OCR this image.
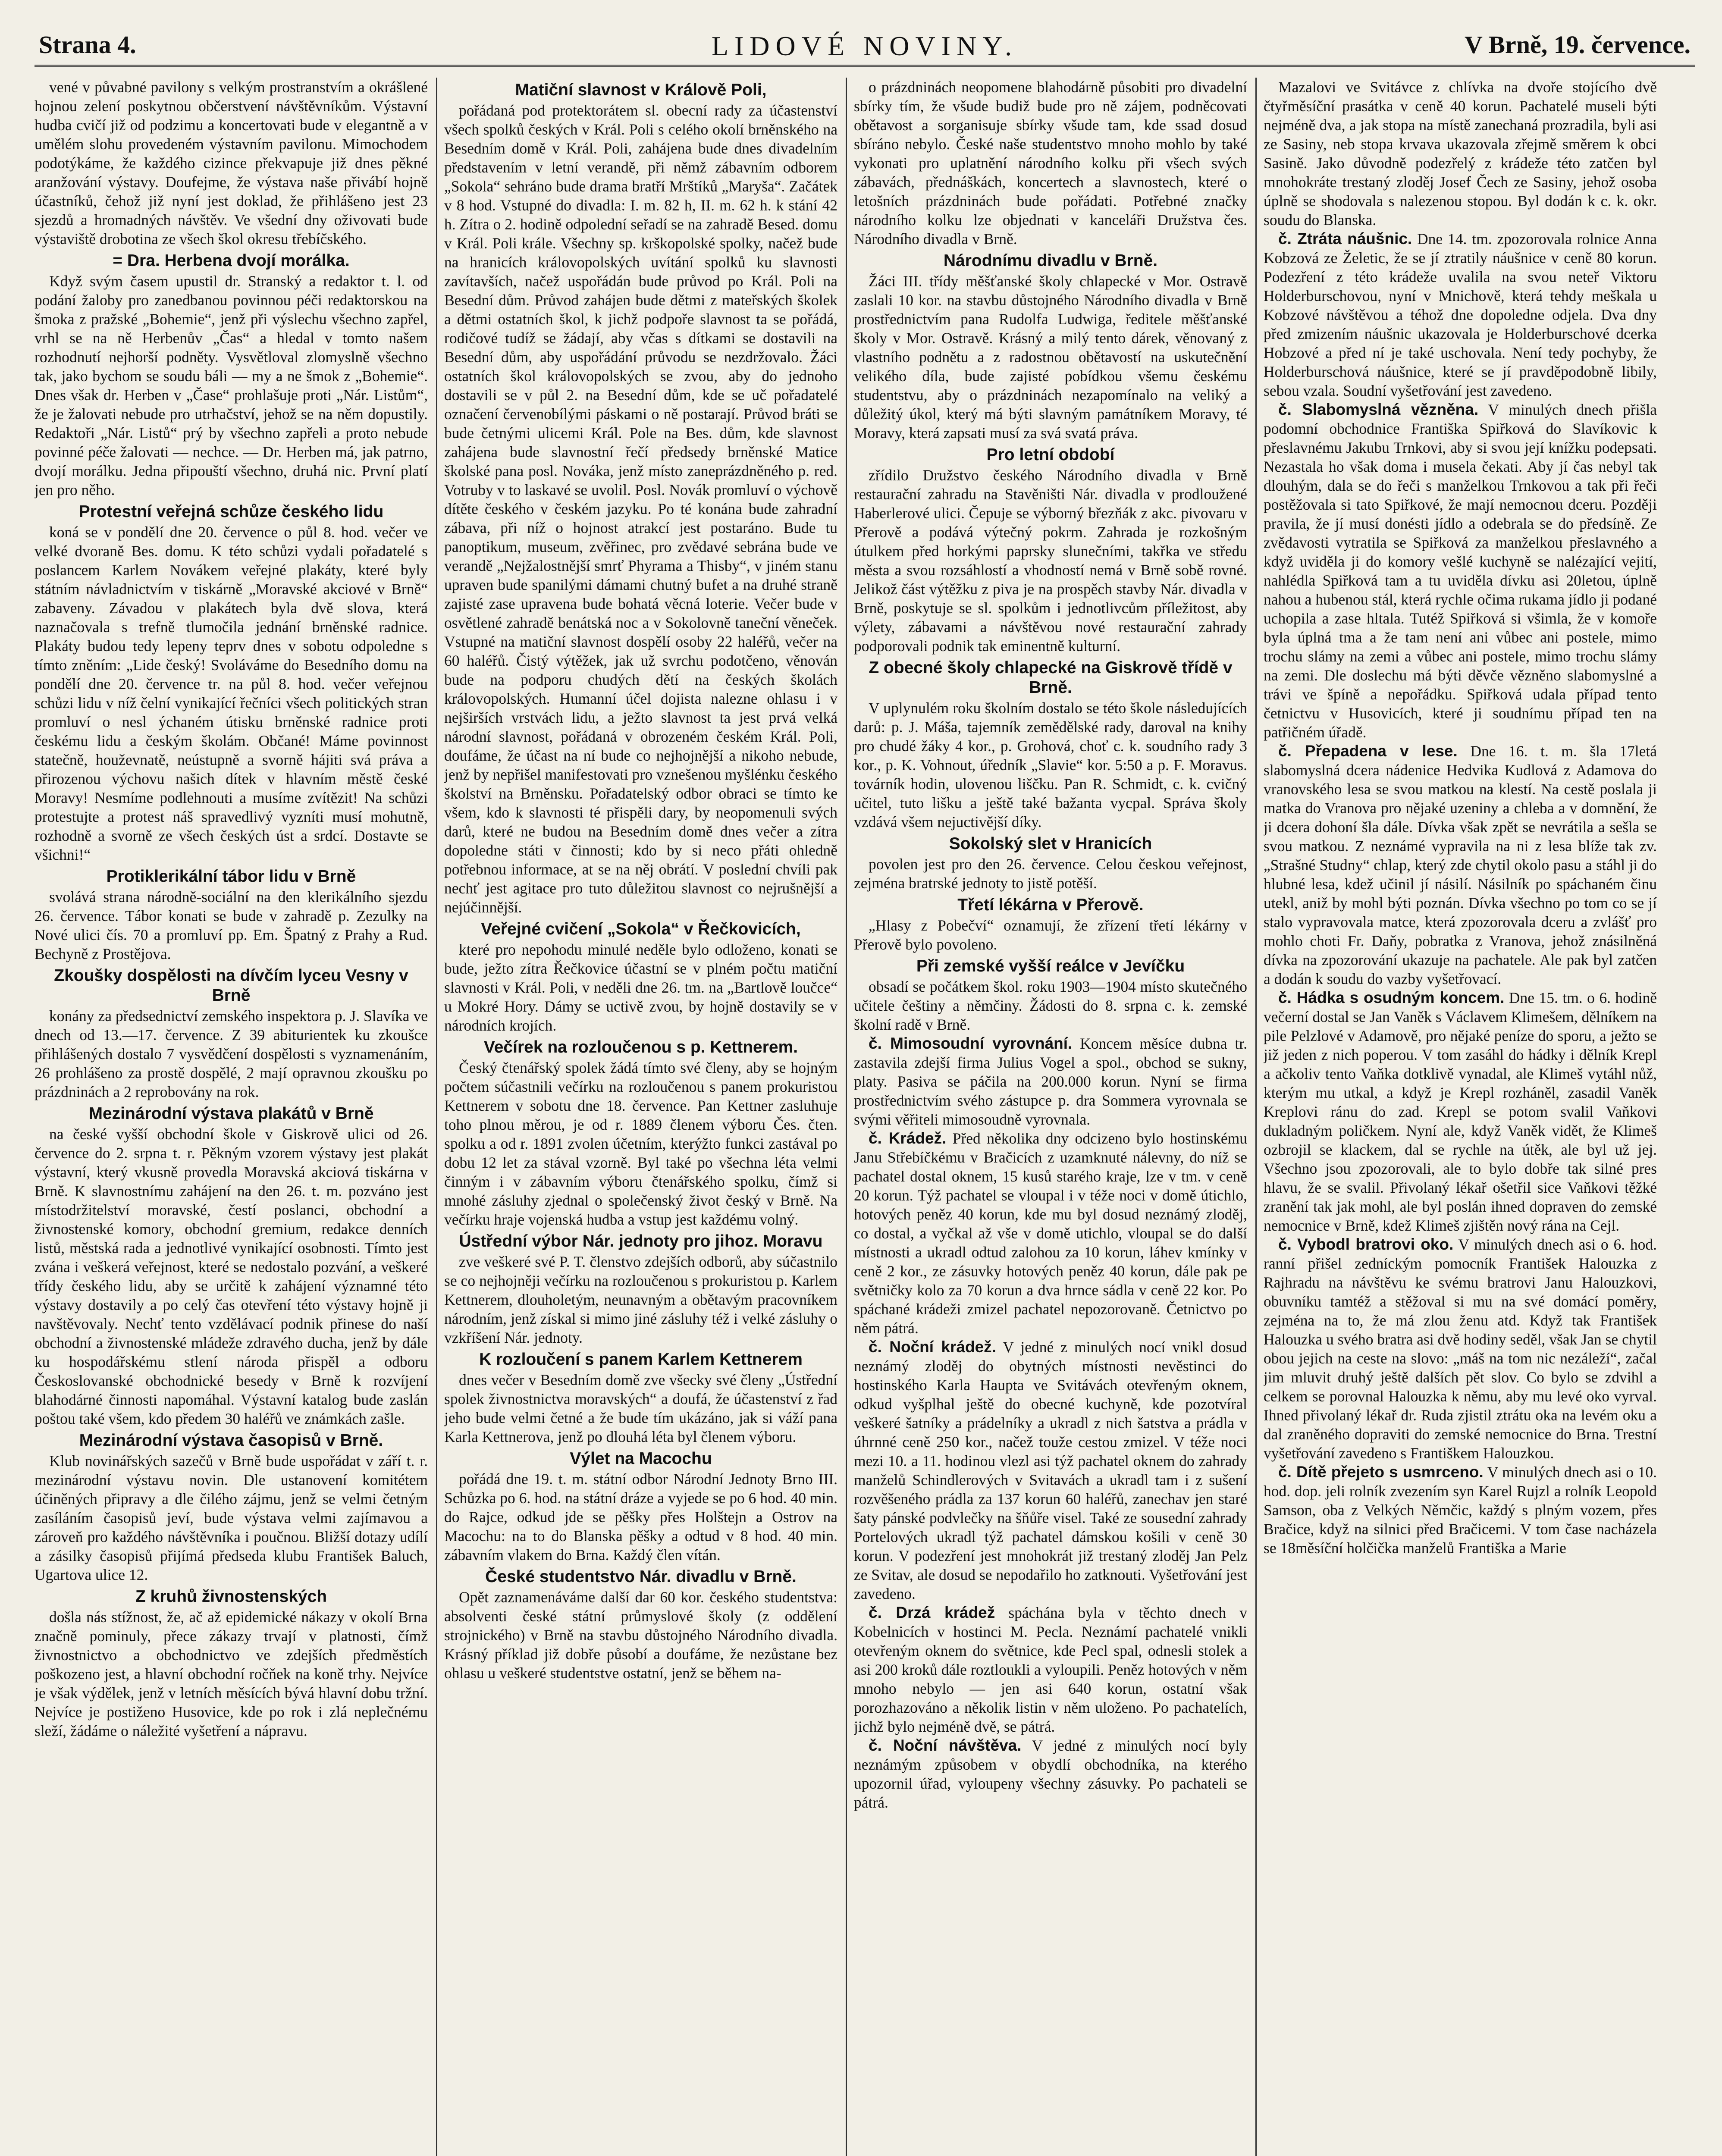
Strana 4.	LIDOVÉ NOVINY.	V Brně, 19. července.
vené v půvabné pavilony s velkým prostranstvím a okrášlené hojnou zelení poskytnou občerstvení návštěvníkům. Výstavní hudba cvičí již od podzimu a koncertovati bude v elegantně a v umělém slohu provedeném výstavním pavilonu. Mimochodem podotýkáme, že každého cizince překvapuje již dnes pěkné aranžování výstavy. Doufejme, že výstava naše přivábí hojně účastníků, čehož již nyní jest doklad, že přihlášeno jest 23 sjezdů a hromadných návštěv. Ve všední dny oživovati bude výstaviště drobotina ze všech škol okresu třebíčského.
= Dra. Herbena dvojí morálka.
Když svým časem upustil dr. Stranský a redaktor t. l. od podání žaloby pro zanedbanou povinnou péči redaktorskou na šmoka z pražské „Bohemie“, jenž při výslechu všechno zapřel, vrhl se na ně Herbenův „Čas“ a hledal v tomto našem rozhodnutí nejhorší podněty. Vysvětloval zlomyslně všechno tak, jako bychom se soudu báli — my a ne šmok z „Bohemie“. Dnes však dr. Herben v „Čase“ prohlašuje proti „Nár. Listům“, že je žalovati nebude pro utrhačství, jehož se na něm dopustily. Redaktoři „Nár. Listů“ prý by všechno zapřeli a proto nebude povinné péče žalovati — nechce. — Dr. Herben má, jak patrno, dvojí morálku. Jedna připouští všechno, druhá nic. První platí jen pro něho.
Protestní veřejná schůze českého lidu
koná se v pondělí dne 20. července o půl 8. hod. večer ve velké dvoraně Bes. domu. K této schůzi vydali pořadatelé s poslancem Karlem Novákem veřejné plakáty, které byly státním návladnictvím v tiskárně „Moravské akciové v Brně“ zabaveny. Závadou v plakátech byla dvě slova, která naznačovala s trefně tlumočila jednání brněnské radnice. Plakáty budou tedy lepeny teprv dnes v sobotu odpoledne s tímto zněním: „Lide český! Svoláváme do Besedního domu na pondělí dne 20. července tr. na půl 8. hod. večer veřejnou schůzi lidu v níž čelní vynikající řečníci všech politických stran promluví o nesl ýchaném útisku brněnské radnice proti českému lidu a českým školám. Občané! Máme povinnost statečně, houževnatě, neústupně a svorně hájiti svá práva a přirozenou výchovu našich dítek v hlavním městě české Moravy! Nesmíme podlehnouti a musíme zvítězit! Na schůzi protestujte a protest náš spravedlivý vyzníti musí mohutně, rozhodně a svorně ze všech českých úst a srdcí. Dostavte se všichni!“
Protiklerikální tábor lidu v Brně
svolává strana národně-sociální na den klerikálního sjezdu 26. července. Tábor konati se bude v zahradě p. Zezulky na Nové ulici čís. 70 a promluví pp. Em. Špatný z Prahy a Rud. Bechyně z Prostějova.
Zkoušky dospělosti na dívčím lyceu Vesny v Brně
konány za předsednictví zemského inspektora p. J. Slavíka ve dnech od 13.—17. července. Z 39 abiturientek ku zkoušce přihlášených dostalo 7 vysvědčení dospělosti s vyznamenáním, 26 prohlášeno za prostě dospělé, 2 mají opravnou zkoušku po prázdninách a 2 reprobovány na rok.
Mezinárodní výstava plakátů v Brně
na české vyšší obchodní škole v Giskrově ulici od 26. července do 2. srpna t. r. Pěkným vzorem výstavy jest plakát výstavní, který vkusně provedla Moravská akciová tiskárna v Brně. K slavnostnímu zahájení na den 26. t. m. pozváno jest místodržitelství moravské, čestí poslanci, obchodní a živnostenské komory, obchodní gremium, redakce denních listů, městská rada a jednotlivé vynikající osobnosti. Tímto jest zvána i veškerá veřejnost, které se nedostalo pozvání, a veškeré třídy českého lidu, aby se určitě k zahájení významné této výstavy dostavily a po celý čas otevření této výstavy hojně ji navštěvovaly. Nechť tento vzdělávací podnik přinese do naší obchodní a živnostenské mládeže zdravého ducha, jenž by dále ku hospodářskému stlení národa přispěl a odboru Českoslovanské obchodnické besedy v Brně k rozvíjení blahodárné činnosti napomáhal. Výstavní katalog bude zaslán poštou také všem, kdo předem 30 haléřů ve známkách zašle.
Mezinárodní výstava časopisů v Brně.
Klub novinářských sazečů v Brně bude uspořádat v září t. r. mezinárodní výstavu novin. Dle ustanovení komitétem účiněných připravy a dle čilého zájmu, jenž se velmi četným zasíláním časopisů jeví, bude výstava velmi zajímavou a zároveň pro každého návštěvníka i poučnou. Bližší dotazy udílí a zásilky časopisů přijímá předseda klubu František Baluch, Ugartova ulice 12.
Z kruhů živnostenských
došla nás stížnost, že, ač až epidemické nákazy v okolí Brna značně pominuly, přece zákazy trvají v platnosti, čímž živnostnictvo a obchodnictvo ve zdejších předměstích poškozeno jest, a hlavní obchodní ročňek na koně trhy. Nejvíce je však výdělek, jenž v letních měsících bývá hlavní dobu tržní. Nejvíce je postiženo Husovice, kde po rok i zlá neplečnému sleží, žádáme o náležité vyšetření a nápravu.
Matiční slavnost v Králově Poli,
pořádaná pod protektorátem sl. obecní rady za účastenství všech spolků českých v Král. Poli s celého okolí brněnského na Besedním domě v Král. Poli, zahájena bude dnes divadelním představením v letní verandě, při němž zábavním odborem „Sokola“ sehráno bude drama bratří Mrštíků „Maryša“. Začátek v 8 hod. Vstupné do divadla: I. m. 82 h, II. m. 62 h. k stání 42 h. Zítra o 2. hodině odpolední seřadí se na zahradě Besed. domu v Král. Poli krále. Všechny sp. krškopolské spolky, načež bude na hranicích královopolských uvítání spolků ku slavnosti zavítavších, načež uspořádán bude průvod po Král. Poli na Besední dům. Průvod zahájen bude dětmi z mateřských školek a dětmi ostatních škol, k jichž podpoře slavnost ta se pořádá, rodičové tudíž se žádají, aby včas s dítkami se dostavili na Besední dům, aby uspořádání průvodu se nezdržovalo. Žáci ostatních škol královopolských se zvou, aby do jednoho dostavili se v půl 2. na Besední dům, kde se uč pořadatelé označení červenobílými páskami o ně postarají. Průvod bráti se bude četnými ulicemi Král. Pole na Bes. dům, kde slavnost zahájena bude slavnostní řečí předsedy brněnské Matice školské pana posl. Nováka, jenž místo zaneprázdněného p. red. Votruby v to laskavé se uvolil. Posl. Novák promluví o výchově dítěte českého v českém jazyku. Po té konána bude zahradní zábava, při níž o hojnost atrakcí jest postaráno. Bude tu panoptikum, museum, zvěřinec, pro zvědavé sebrána bude ve verandě „Nejžalostnější smrť Phyrama a Thisby“, v jiném stanu upraven bude spanilými dámami chutný bufet a na druhé straně zajisté zase upravena bude bohatá věcná loterie. Večer bude v osvětlené zahradě benátská noc a v Sokolovně taneční věneček. Vstupné na matiční slavnost dospělí osoby 22 haléřů, večer na 60 haléřů. Čistý výtěžek, jak už svrchu podotčeno, věnován bude na podporu chudých dětí na českých školách královopolských. Humanní účel dojista nalezne ohlasu i v nejširších vrstvách lidu, a ježto slavnost ta jest prvá velká národní slavnost, pořádaná v obrozeném českém Král. Poli, doufáme, že účast na ní bude co nejhojnější a nikoho nebude, jenž by nepřišel manifestovati pro vznešenou myšlénku českého školství na Brněnsku. Pořadatelský odbor obraci se tímto ke všem, kdo k slavnosti té přispěli dary, by neopomenuli svých darů, které ne budou na Besedním domě dnes večer a zítra dopoledne státi v činnosti; kdo by si neco přáti ohledně potřebnou informace, at se na něj obrátí. V poslední chvíli pak nechť jest agitace pro tuto důležitou slavnost co nejrušnější a nejúčinnější.
Veřejné cvičení „Sokola“ v Řečkovicích,
které pro nepohodu minulé neděle bylo odloženo, konati se bude, ježto zítra Řečkovice účastní se v plném počtu matiční slavnosti v Král. Poli, v neděli dne 26. tm. na „Bartlově loučce“ u Mokré Hory. Dámy se uctivě zvou, by hojně dostavily se v národních krojích.
Večírek na rozloučenou s p. Kettnerem.
Český čtenářský spolek žádá tímto své členy, aby se hojným počtem súčastnili večírku na rozloučenou s panem prokuristou Kettnerem v sobotu dne 18. července. Pan Kettner zasluhuje toho plnou měrou, je od r. 1889 členem výboru Čes. čten. spolku a od r. 1891 zvolen účetním, kterýžto funkci zastával po dobu 12 let za stával vzorně. Byl také po všechna léta velmi činným i v zábavním výboru čtenářského spolku, čímž si mnohé zásluhy zjednal o společenský život český v Brně. Na večírku hraje vojenská hudba a vstup jest každému volný.
Ústřední výbor Nár. jednoty pro jihoz. Moravu
zve veškeré své P. T. členstvo zdejších odborů, aby súčastnilo se co nejhojněji večírku na rozloučenou s prokuristou p. Karlem Kettnerem, dlouholetým, neunavným a obětavým pracovníkem národním, jenž získal si mimo jiné zásluhy též i velké zásluhy o vzkříšení Nár. jednoty.
K rozloučení s panem Karlem Kettnerem
dnes večer v Besedním domě zve všecky své členy „Ústřední spolek živnostnictva moravských“ a doufá, že účastenství z řad jeho bude velmi četné a že bude tím ukázáno, jak si váží pana Karla Kettnerova, jenž po dlouhá léta byl členem výboru.
Výlet na Macochu
pořádá dne 19. t. m. státní odbor Národní Jednoty Brno III. Schůzka po 6. hod. na státní dráze a vyjede se po 6 hod. 40 min. do Rajce, odkud jde se pěšky přes Holštejn a Ostrov na Macochu: na to do Blanska pěšky a odtud v 8 hod. 40 min. zábavním vlakem do Brna. Každý člen vítán.
České studentstvo Nár. divadlu v Brně.
Opět zaznamenáváme další dar 60 kor. českého studentstva: absolventi české státní průmyslové školy (z oddělení strojnického) v Brně na stavbu důstojného Národního divadla. Krásný příklad již dobře působí a doufáme, že nezůstane bez ohlasu u veškeré studentstve ostatní, jenž se během na-
o prázdninách neopomene blahodárně působiti pro divadelní sbírky tím, že všude budiž bude pro ně zájem, podněcovati obětavost a sorganisuje sbírky všude tam, kde ssad dosud sbíráno nebylo. České naše studentstvo mnoho mohlo by také vykonati pro uplatnění národního kolku při všech svých zábavách, přednáškách, koncertech a slavnostech, které o letošních prázdninách bude pořádati. Potřebné značky národního kolku lze objednati v kanceláři Družstva čes. Národního divadla v Brně.
Národnímu divadlu v Brně.
Žáci III. třídy měšťanské školy chlapecké v Mor. Ostravě zaslali 10 kor. na stavbu důstojného Národního divadla v Brně prostřednictvím pana Rudolfa Ludwiga, ředitele měšťanské školy v Mor. Ostravě. Krásný a milý tento dárek, věnovaný z vlastního podnětu a z radostnou obětavostí na uskutečnění velikého díla, bude zajisté pobídkou všemu českému studentstvu, aby o prázdninách nezapomínalo na veliký a důležitý úkol, který má býti slavným památníkem Moravy, té Moravy, která zapsati musí za svá svatá práva.
Pro letní období
zřídilo Družstvo českého Národního divadla v Brně restaurační zahradu na Stavěništi Nár. divadla v prodloužené Haberlerové ulici. Čepuje se výborný březňák z akc. pivovaru v Přerově a podává výtečný pokrm. Zahrada je rozkošným útulkem před horkými paprsky slunečními, takřka ve středu města a svou rozsáhlostí a vhodností nemá v Brně sobě rovné. Jelikož část výtěžku z piva je na prospěch stavby Nár. divadla v Brně, poskytuje se sl. spolkům i jednotlivcům příležitost, aby výlety, zábavami a návštěvou nové restaurační zahrady podporovali podnik tak eminentně kulturní.
Z obecné školy chlapecké na Giskrově třídě v Brně.
V uplynulém roku školním dostalo se této škole následujících darů: p. J. Máša, tajemník zemědělské rady, daroval na knihy pro chudé žáky 4 kor., p. Grohová, choť c. k. soudního rady 3 kor., p. K. Vohnout, úředník „Slavie“ kor. 5:50 a p. F. Moravus. továrník hodin, ulovenou liščku. Pan R. Schmidt, c. k. cvičný učitel, tuto lišku a ještě také bažanta vycpal. Správa školy vzdává všem nejuctivější díky.
Sokolský slet v Hranicích
povolen jest pro den 26. července. Celou českou veřejnost, zejména bratrské jednoty to jistě potěší.
Třetí lékárna v Přerově.
„Hlasy z Pobečví“ oznamují, že zřízení třetí lékárny v Přerově bylo povoleno.
Při zemské vyšší reálce v Jevíčku
obsadí se počátkem škol. roku 1903—1904 místo skutečného učitele češtiny a němčiny. Žádosti do 8. srpna c. k. zemské školní radě v Brně.
č. Mimosoudní vyrovnání. Koncem měsíce dubna tr. zastavila zdejší firma Julius Vogel a spol., obchod se sukny, platy. Pasiva se páčila na 200.000 korun. Nyní se firma prostřednictvím svého zástupce p. dra Sommera vyrovnala se svými věřiteli mimosoudně vyrovnala.
č. Krádež. Před několika dny odcizeno bylo hostinskému Janu Střebíčkému v Bračicích z uzamknuté nálevny, do níž se pachatel dostal oknem, 15 kusů starého kraje, lze v tm. v ceně 20 korun. Týž pachatel se vloupal i v téže noci v domě útichlo, hotových peněz 40 korun, kde mu byl dosud neznámý zloděj, co dostal, a vyčkal až vše v domě utichlo, vloupal se do další místnosti a ukradl odtud zalohou za 10 korun, láhev kmínky v ceně 2 kor., ze zásuvky hotových peněz 40 korun, dále pak pe světničky kolo za 70 korun a dva hrnce sádla v ceně 22 kor. Po spáchané krádeži zmizel pachatel nepozorovaně. Četnictvo po něm pátrá.
č. Noční krádež. V jedné z minulých nocí vnikl dosud neznámý zloděj do obytných místnosti nevěstinci do hostinského Karla Haupta ve Svitávách otevřeným oknem, odkud vyšplhal ještě do obecné kuchyně, kde pozotvíral veškeré šatníky a prádelníky a ukradl z nich šatstva a prádla v úhrnné ceně 250 kor., načež touže cestou zmizel. V téže noci mezi 10. a 11. hodinou vlezl asi týž pachatel oknem do zahrady manželů Schindlerových v Svitavách a ukradl tam i z sušení rozvěšeného prádla za 137 korun 60 haléřů, zanechav jen staré šaty pánské podvlečky na šňůře visel. Také ze sousední zahrady Portelových ukradl týž pachatel dámskou košili v ceně 30 korun. V podezření jest mnohokrát již trestaný zloděj Jan Pelz ze Svitav, ale dosud se nepodařilo ho zatknouti. Vyšetřování jest zavedeno.
č. Drzá krádež spáchána byla v těchto dnech v Kobelnicích v hostinci M. Pecla. Neznámí pachatelé vnikli otevřeným oknem do světnice, kde Pecl spal, odnesli stolek a asi 200 kroků dále roztloukli a vyloupili. Peněz hotových v něm mnoho nebylo — jen asi 640 korun, ostatní však porozhazováno a několik listin v něm uloženo. Po pachatelích, jichž bylo nejméně dvě, se pátrá.
č. Noční návštěva. V jedné z minulých nocí byly neznámým způsobem v obydlí obchodníka, na kterého upozornil úřad, vyloupeny všechny zásuvky. Po pachateli se pátrá.
Mazalovi ve Svitávce z chlívka na dvoře stojícího dvě čtyřměsíční prasátka v ceně 40 korun. Pachatelé museli býti nejméně dva, a jak stopa na místě zanechaná prozradila, byli asi ze Sasiny, neb stopa krvava ukazovala zřejmě směrem k obci Sasině. Jako důvodně podezřelý z krádeže této zatčen byl mnohokráte trestaný zloděj Josef Čech ze Sasiny, jehož osoba úplně se shodovala s nalezenou stopou. Byl dodán k c. k. okr. soudu do Blanska.
č. Ztráta náušnic. Dne 14. tm. zpozorovala rolnice Anna Kobzová ze Želetic, že se jí ztratily náušnice v ceně 80 korun. Podezření z této krádeže uvalila na svou neteř Viktoru Holderburschovou, nyní v Mnichově, která tehdy meškala u Kobzové návštěvou a téhož dne dopoledne odjela. Dva dny před zmizením náušnic ukazovala je Holderburschové dcerka Hobzové a před ní je také uschovala. Není tedy pochyby, že Holderburschová náušnice, které se jí pravděpodobně libily, sebou vzala. Soudní vyšetřování jest zavedeno.
č. Slabomyslná vězněna. V minulých dnech přišla podomní obchodnice Františka Spiřková do Slavíkovic k přeslavnému Jakubu Trnkovi, aby si svou její knížku podepsati. Nezastala ho však doma i musela čekati. Aby jí čas nebyl tak dlouhým, dala se do řeči s manželkou Trnkovou a tak při řeči postěžovala si tato Spiřkové, že mají nemocnou dceru. Později pravila, že jí musí donésti jídlo a odebrala se do předsíně. Ze zvědavosti vytratila se Spiřková za manželkou přeslavného a když uviděla ji do komory vešlé kuchyně se nalézající vejití, nahlédla Spiřková tam a tu uviděla dívku asi 20letou, úplně nahou a hubenou stál, která rychle očima rukama jídlo ji podané uchopila a zase hltala. Tutéž Spiřková si všimla, že v komoře byla úplná tma a že tam není ani vůbec ani postele, mimo trochu slámy na zemi a vůbec ani postele, mimo trochu slámy na zemi. Dle doslechu má býti děvče vězněno slabomyslné a trávi ve špíně a nepořádku. Spiřková udala případ tento četnictvu v Husovicích, které ji soudnímu případ ten na patřičném úřadě.
č. Přepadena v lese. Dne 16. t. m. šla 17letá slabomyslná dcera nádenice Hedvika Kudlová z Adamova do vranovského lesa se svou matkou na klestí. Na cestě poslala ji matka do Vranova pro nějaké uzeniny a chleba a v domnění, že ji dcera dohoní šla dále. Dívka však zpět se nevrátila a sešla se svou matkou. Z neznámé vypravila na ni z lesa blíže tak zv. „Strašné Studny“ chlap, který zde chytil okolo pasu a stáhl ji do hlubné lesa, kdež učinil jí násilí. Násilník po spáchaném činu utekl, aniž by mohl býti poznán. Dívka všechno po tom co se jí stalo vypravovala matce, která zpozorovala dceru a zvlášť pro mohlo choti Fr. Daňy, pobratka z Vranova, jehož znásilněná dívka na zpozorování ukazuje na pachatele. Ale pak byl zatčen a dodán k soudu do vazby vyšetřovací.
č. Hádka s osudným koncem. Dne 15. tm. o 6. hodině večerní dostal se Jan Vaněk s Václavem Klimešem, dělníkem na pile Pelzlové v Adamově, pro nějaké peníze do sporu, a ježto se již jeden z nich poperou. V tom zasáhl do hádky i dělník Krepl a ačkoliv tento Vaňka dotklivě vynadal, ale Klimeš vytáhl nůž, kterým mu utkal, a když je Krepl rozháněl, zasadil Vaněk Kreplovi ránu do zad. Krepl se potom svalil Vaňkovi dukladným poličkem. Nyní ale, když Vaněk vidět, že Klimeš ozbrojil se klackem, dal se rychle na útěk, ale byl už jej. Všechno jsou zpozorovali, ale to bylo dobře tak silné pres hlavu, že se svalil. Přivolaný lékař ošetřil sice Vaňkovi těžké zranění tak jak mohl, ale byl poslán ihned dopraven do zemské nemocnice v Brně, kdež Klimeš zjištěn nový rána na Cejl.
č. Vybodl bratrovi oko. V minulých dnech asi o 6. hod. ranní přišel zedníckým pomocník František Halouzka z Rajhradu na návštěvu ke svému bratrovi Janu Halouzkovi, obuvníku tamtéž a stěžoval si mu na své domácí poměry, zejména na to, že má zlou ženu atd. Když tak František Halouzka u svého bratra asi dvě hodiny seděl, však Jan se chytil obou jejich na ceste na slovo: „máš na tom nic nezáleží“, začal jim mluvit druhý ještě dalších pět slov. Co bylo se zdvihl a celkem se porovnal Halouzka k němu, aby mu levé oko vyrval. Ihned přivolaný lékař dr. Ruda zjistil ztrátu oka na levém oku a dal zraněného dopraviti do zemské nemocnice do Brna. Trestní vyšetřování zavedeno s Františkem Halouzkou.
č. Dítě přejeto s usmrceno. V minulých dnech asi o 10. hod. dop. jeli rolník zvezením syn Karel Rujzl a rolník Leopold Samson, oba z Velkých Němčic, každý s plným vozem, přes Bračice, když na silnici před Bračicemi. V tom čase nacházela se 18měsíční holčička manželů Františka a Marie
